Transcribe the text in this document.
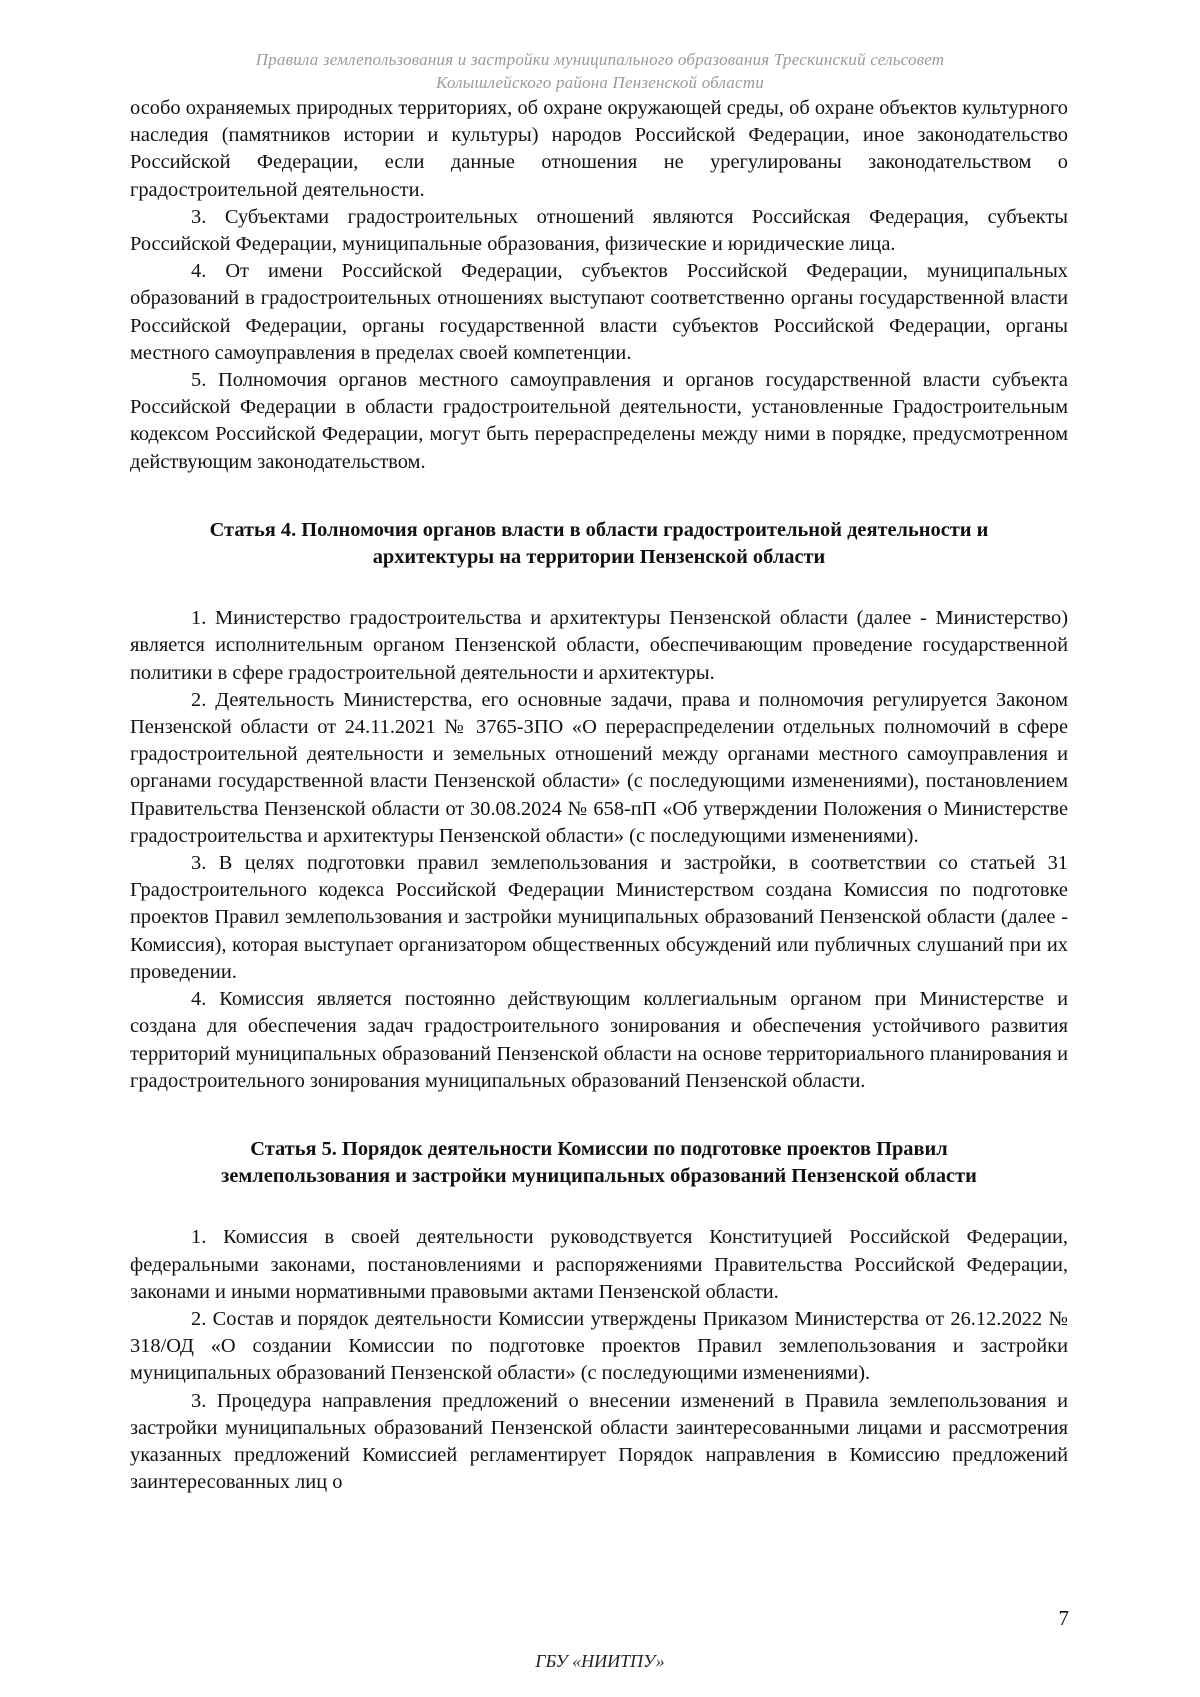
Правила землепользования и застройки муниципального образования Трескинский сельсовет
Колышлейского района Пензенской области

особо охраняемых природных территориях, об охране окружающей среды, об охране объектов культурного наследия (памятников истории и культуры) народов Российской Федерации, иное законодательство Российской Федерации, если данные отношения не урегулированы законодательством о градостроительной деятельности.

3. Субъектами градостроительных отношений являются Российская Федерация, субъекты Российской Федерации, муниципальные образования, физические и юридические лица.

4. От имени Российской Федерации, субъектов Российской Федерации, муниципальных образований в градостроительных отношениях выступают соответственно органы государственной власти Российской Федерации, органы государственной власти субъектов Российской Федерации, органы местного самоуправления в пределах своей компетенции.

5. Полномочия органов местного самоуправления и органов государственной власти субъекта Российской Федерации в области градостроительной деятельности, установленные Градостроительным кодексом Российской Федерации, могут быть перераспределены между ними в порядке, предусмотренном действующим законодательством.

Статья 4. Полномочия органов власти в области градостроительной деятельности и
архитектуры на территории Пензенской области

1. Министерство градостроительства и архитектуры Пензенской области (далее - Министерство) является исполнительным органом Пензенской области, обеспечивающим проведение государственной политики в сфере градостроительной деятельности и архитектуры.

2. Деятельность Министерства, его основные задачи, права и полномочия регулируется Законом Пензенской области от 24.11.2021 № 3765-ЗПО «О перераспределении отдельных полномочий в сфере градостроительной деятельности и земельных отношений между органами местного самоуправления и органами государственной власти Пензенской области» (с последующими изменениями), постановлением Правительства Пензенской области от 30.08.2024 № 658-пП «Об утверждении Положения о Министерстве градостроительства и архитектуры Пензенской области» (с последующими изменениями).

3. В целях подготовки правил землепользования и застройки, в соответствии со статьей 31 Градостроительного кодекса Российской Федерации Министерством создана Комиссия по подготовке проектов Правил землепользования и застройки муниципальных образований Пензенской области (далее - Комиссия), которая выступает организатором общественных обсуждений или публичных слушаний при их проведении.

4. Комиссия является постоянно действующим коллегиальным органом при Министерстве и создана для обеспечения задач градостроительного зонирования и обеспечения устойчивого развития территорий муниципальных образований Пензенской области на основе территориального планирования и градостроительного зонирования муниципальных образований Пензенской области.

Статья 5. Порядок деятельности Комиссии по подготовке проектов Правил
землепользования и застройки муниципальных образований Пензенской области

1. Комиссия в своей деятельности руководствуется Конституцией Российской Федерации, федеральными законами, постановлениями и распоряжениями Правительства Российской Федерации, законами и иными нормативными правовыми актами Пензенской области.

2. Состав и порядок деятельности Комиссии утверждены Приказом Министерства от 26.12.2022 № 318/ОД «О создании Комиссии по подготовке проектов Правил землепользования и застройки муниципальных образований Пензенской области» (с последующими изменениями).

3. Процедура направления предложений о внесении изменений в Правила землепользования и застройки муниципальных образований Пензенской области заинтересованными лицами и рассмотрения указанных предложений Комиссией регламентирует Порядок направления в Комиссию предложений заинтересованных лиц о

7
ГБУ «НИИТПУ»
